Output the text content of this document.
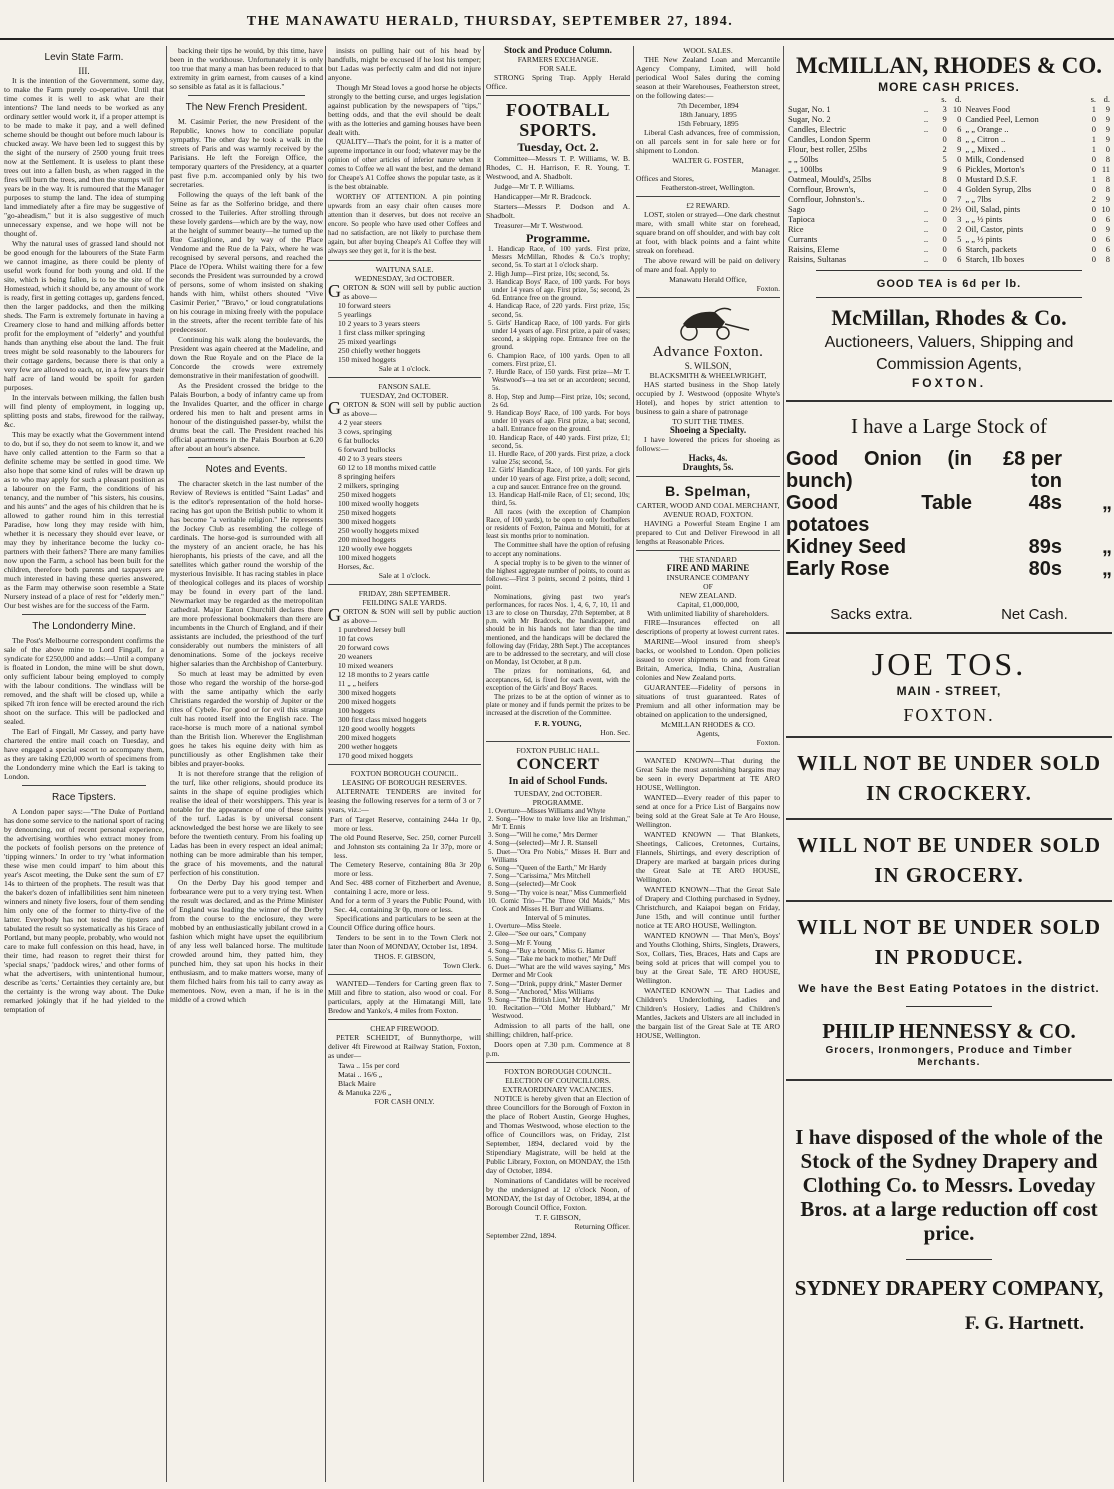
THE MANAWATU HERALD, THURSDAY, SEPTEMBER 27, 1894.
Levin State Farm.
III.

It is the intention of the Government, some day, to make the Farm purely co-operative. Until that time comes it is well to ask what are their intentions? The land needs to be worked as any ordinary settler would work it, if a proper attempt is to be made to make it pay, and a well defined scheme should be thought out before much labour is chucked away. We have been led to suggest this by the sight of the nursery of 2500 young fruit trees now at the Settlement. It is useless to plant these trees out into a fallen bush, as when ragged in the fires will burn the trees, and then the stumps will for years be in the way. It is rumoured that the Manager purposes to stump the land. The idea of stumping land immediately after a fire may be suggestive of "go-aheadism," but it is also suggestive of much unnecessary expense, and we hope will not be thought of.

Why the natural uses of grassed land should not be good enough for the labourers of the State Farm we cannot imagine, as there could be plenty of useful work found for both young and old. If the site, which is being fallen, is to be the site of the Homestead, which it should be, any amount of work is ready, first in getting cottages up, gardens fenced, then the larger paddocks, and then the milking sheds. The Farm is extremely fortunate in having a Creamery close to hand and milking affords better profit for the employment of "elderly" and youthful hands than anything else about the land. The fruit trees might be sold reasonably to the labourers for their cottage gardens, because there is that only a very few are allowed to each, or, in a few years their half acre of land would be spoilt for garden purposes.

In the intervals between milking, the fallen bush will find plenty of employment, in logging up, splitting posts and stabs, firewood for the railway, &c.

This may be exactly what the Government intend to do, but if so, they do not seem to know it, and we have only called attention to the Farm so that a definite scheme may be settled in good time. We also hope that some kind of rules will be drawn up as to who may apply for such a pleasant position as a labourer on the Farm, the conditions of his tenancy, and the number of "his sisters, his cousins, and his aunts" and the ages of his children that he is allowed to gather round him in this terrestial Paradise, how long they may reside with him, whether it is necessary they should ever leave, or may they by inheritance become the lucky co-partners with their fathers? There are many families now upon the Farm, a school has been built for the children, therefore both parents and taxpayers are much interested in having these queries answered, as the Farm may otherwise soon resemble a State Nursery instead of a place of rest for "elderly men." Our best wishes are for the success of the Farm.

The Londonderry Mine.

The Post's Melbourne correspondent confirms the sale of the above mine to Lord Fingall, for a syndicate for £250,000 and adds:—Until a company is floated in London, the mine will be shut down, only sufficient labour being employed to comply with the labour conditions. The windlass will be removed, and the shaft will be closed up, while a spiked 7ft iron fence will be erected around the rich shoot on the surface. This will be padlocked and sealed.

The Earl of Fingall, Mr Cassey, and party have chartered the entire mail coach on Tuesday, and have engaged a special escort to accompany them, as they are taking £20,000 worth of specimens from the Londonderry mine which the Earl is taking to London.

Race Tipsters.

A London paper says:—"The Duke of Portland has done some service to the national sport of racing by denouncing, out of recent personal experience, the advertising worthies who extract money from the pockets of foolish persons on the pretence of 'tipping winners.' In order to try 'what information these wise men could impart' to him about this year's Ascot meeting, the Duke sent the sum of £7 14s to thirteen of the prophets. The result was that the baker's dozen of infallibilities sent him nineteen winners and ninety five losers, four of them sending him only one of the former to thirty-five of the latter. Everybody has not tested the tipsters and tabulated the result so systematically as his Grace of Portland, but many people, probably, who would not care to make full confession on this head, have, in their time, had reason to regret their thirst for 'special snaps,' 'paddock wires,' and other forms of what the advertisers, with unintentional humour, describe as 'certs.' Certainties they certainly are, but the certainty is the wrong way about. The Duke remarked jokingly that if he had yielded to the temptation of

backing their tips he would, by this time, have been in the workhouse. Unfortunately it is only too true that many a man has been reduced to that extremity in grim earnest, from causes of a kind so sensible as fatal as it is fallacious."

The New French President.

M. Casimir Perier, the new President of the Republic, knows how to conciliate popular sympathy. The other day he took a walk in the streets of Paris and was warmly received by the Parisians. He left the Foreign Office, the temporary quarters of the Presidency, at a quarter past five p.m. accompanied only by his two secretaries.

Following the quays of the left bank of the Seine as far as the Solferino bridge, and there crossed to the Tuileries. After strolling through these lovely gardens—which are by the way, now at the height of summer beauty—he turned up the Rue Castiglione, and by way of the Place Vendome and the Rue de la Paix, where he was recognised by several persons, and reached the Place de l'Opera. Whilst waiting there for a few seconds the President was surrounded by a crowd of persons, some of whom insisted on shaking hands with him, whilst others shouted "Vive Casimir Perier," "Bravo," or loud congratulations on his courage in mixing freely with the populace in the streets, after the recent terrible fate of his predecessor.

Continuing his walk along the boulevards, the President was again cheered at the Madeline, and down the Rue Royale and on the Place de la Concorde the crowds were extremely demonstrative in their manifestation of goodwill.

As the President crossed the bridge to the Palais Bourbon, a body of infantry came up from the Invalides Quarter, and the officer in charge ordered his men to halt and present arms in honour of the distinguished passer-by, whilst the drums beat the call. The President reached his official apartments in the Palais Bourbon at 6.20 after about an hour's absence.

Notes and Events.

The character sketch in the last number of the Review of Reviews is entitled "Saint Ladas" and is the editor's representation of the hold horse-racing has got upon the British public to whom it has become "a veritable religion." He represents the Jockey Club as resembling the college of cardinals. The horse-god is surrounded with all the mystery of an ancient oracle, he has his hierophants, his priests of the cave, and all the satellites which gather round the worship of the mysterious Invisible. It has racing stables in place of theological colleges and its places of worship may be found in every part of the land. Newmarket may be regarded as the metropolitan cathedral. Major Eaton Churchill declares there are more professional bookmakers than there are incumbents in the Church of England, and if their assistants are included, the priesthood of the turf considerably out numbers the ministers of all denominations. Some of the jockeys receive higher salaries than the Archbishop of Canterbury.

So much at least may be admitted by even those who regard the worship of the horse-god with the same antipathy which the early Christians regarded the worship of Jupiter or the rites of Cybele. For good or for evil this strange cult has rooted itself into the English race. The race-horse is much more of a national symbol than the British lion. Wherever the Englishman goes he takes his equine deity with him as punctiliously as other Englishmen take their bibles and prayer-books.

It is not therefore strange that the religion of the turf, like other religions, should produce its saints in the shape of equine prodigies which realise the ideal of their worshippers. This year is notable for the appearance of one of these saints of the turf. Ladas is by universal consent acknowledged the best horse we are likely to see before the twentieth century. From his foaling up Ladas has been in every respect an ideal animal; nothing can be more admirable than his temper, the grace of his movements, and the natural perfection of his constitution.

On the Derby Day his good temper and forbearance were put to a very trying test. When the result was declared, and as the Prime Minister of England was leading the winner of the Derby from the course to the enclosure, they were mobbed by an enthusiastically jubilant crowd in a fashion which might have upset the equilibrium of any less well balanced horse. The multitude crowded around him, they patted him, they punched him, they sat upon his hocks in their enthusiasm, and to make matters worse, many of them filched hairs from his tail to carry away as mementoes. Now, even a man, if he is in the middle of a crowd which

insists on pulling hair out of his head by handfulls, might be excused if he lost his temper; but Ladas was perfectly calm and did not injure anyone.

Though Mr Stead loves a good horse he objects strongly to the betting curse, and urges legislation against publication by the newspapers of "tips," betting odds, and that the evil should be dealt with as the lotteries and gaming houses have been dealt with.

QUALITY—That's the point, for it is a matter of supreme importance in our food; whatever may be the opinion of other articles of inferior nature when it comes to Coffee we all want the best, and the demand for Cheape's A1 Coffee shows the popular taste, as it is the best obtainable.

WORTHY OF ATTENTION. A pin pointing upwards from an easy chair often causes more attention than it deserves, but does not receive an encore. So people who have used other Coffees and had no satisfaction, are not likely to purchase them again, but after buying Cheape's A1 Coffee they will always see they get it, for it is the best.

WAITUNA SALE.
WEDNESDAY, 3rd OCTOBER.
GORTON & SON will sell by public auction as above—
10 forward steers
5 yearlings
10 2 years to 3 years steers
1 first class milker springing
25 mixed yearlings
250 chiefly wether hoggets
150 mixed hoggets
Sale at 1 o'clock.
FANSON SALE.
TUESDAY, 2nd OCTOBER.
GORTON & SON will sell by public auction as above—
4 2 year steers
3 cows, springing
6 fat bullocks
6 forward bullocks
40 2 to 3 years steers
60 12 to 18 months mixed cattle
8 springing heifers
2 milkers, springing
250 mixed hoggets
100 mixed woolly hoggets
250 mixed hoggets
300 mixed hoggets
250 woolly hoggets mixed
200 mixed hoggets
120 woolly ewe hoggets
100 mixed hoggets
Horses, &c.
Sale at 1 o'clock.
FRIDAY, 28th SEPTEMBER.
FEILDING SALE YARDS.
GORTON & SON will sell by public auction as above—
1 purebred Jersey bull
10 fat cows
20 forward cows
20 weaners
10 mixed weaners
12 18 months to 2 years cattle
11 „ „ heifers
300 mixed hoggets
200 mixed hoggets
100 hoggets
300 first class mixed hoggets
120 good woolly hoggets
200 mixed hoggets
200 wether hoggets
170 good mixed hoggets
FOXTON BOROUGH COUNCIL.
LEASING OF BOROUGH RESERVES.

ALTERNATE TENDERS are invited for leasing the following reserves for a term of 3 or 7 years, viz.:—

Part of Target Reserve, containing 244a 1r 0p, more or less.
The old Pound Reserve, Sec. 250, corner Purcell and Johnston sts containing 2a 1r 37p, more or less.
The Cemetery Reserve, containing 80a 3r 20p more or less.
And Sec. 488 corner of Fitzherbert and Avenue, containing 1 acre, more or less.
And for a term of 3 years the Public Pound, with Sec. 44, containing 3r 0p, more or less.

Specifications and particulars to be seen at the Council Office during office hours.

Tenders to be sent in to the Town Clerk not later than Noon of MONDAY, October 1st, 1894.

THOS. F. GIBSON,
Town Clerk.

WANTED—Tenders for Carting green flax to Mill and fibre to station, also wood or coal. For particulars, apply at the Himatangi Mill, late Bredow and Yanko's, 4 miles from Foxton.

CHEAP FIREWOOD.

PETER SCHEIDT, of Bunnythorpe, will deliver 4ft Firewood at Railway Station, Foxton, as under—

Tawa .. 15s per cord
Matai .. 16/6 „
Black Maire
& Manuka 22/6 „
FOR CASH ONLY.
Stock and Produce Column.
FARMERS EXCHANGE.
FOR SALE.

STRONG Spring Trap. Apply Herald Office.

FOOTBALL SPORTS.
Tuesday, Oct. 2.

Committee—Messrs T. P. Williams, W. B. Rhodes, C. H. Harrison, F. R. Young, T. Westwood, and A. Shadbolt.

Judge—Mr T. P. Williams.

Handicapper—Mr R. Bradcock.

Starters—Messrs P. Dodson and A. Shadbolt.

Treasurer—Mr T. Westwood.

Programme.
1. Handicap Race, of 100 yards. First prize, Messrs McMillan, Rhodes & Co.'s trophy; second, 5s. To start at 1 o'clock sharp.
2. High Jump—First prize, 10s; second, 5s.
3. Handicap Boys' Race, of 100 yards. For boys under 14 years of age. First prize, 5s; second, 2s 6d. Entrance free on the ground.
4. Handicap Race, of 220 yards. First prize, 15s; second, 5s.
5. Girls' Handicap Race, of 100 yards. For girls under 14 years of age. First prize, a pair of vases; second, a skipping rope. Entrance free on the ground.
6. Champion Race, of 100 yards. Open to all comers. First prize, £1.
7. Hurdle Race, of 150 yards. First prize—Mr T. Westwood's—a tea set or an accordeon; second, 5s.
8. Hop, Step and Jump—First prize, 10s; second, 2s 6d.
9. Handicap Boys' Race, of 100 yards. For boys under 10 years of age. First prize, a bat; second, a ball. Entrance free on the ground.
10. Handicap Race, of 440 yards. First prize, £1; second, 5s.
11. Hurdle Race, of 200 yards. First prize, a clock value 25s; second, 5s.
12. Girls' Handicap Race, of 100 yards. For girls under 10 years of age. First prize, a doll; second, a cup and saucer. Entrance free on the ground.
13. Handicap Half-mile Race, of £1; second, 10s; third, 5s.

All races (with the exception of Champion Race, of 100 yards), to be open to only footballers or residents of Foxton, Painua and Motuiti, for at least six months prior to nomination.

The Committee shall have the option of refusing to accept any nominations.

A special trophy is to be given to the winner of the highest aggregate number of points, to count as follows:—First 3 points, second 2 points, third 1 point.

Nominations, giving past two year's performances, for races Nos. 1, 4, 6, 7, 10, 11 and 13 are to close on Thursday, 27th September, at 8 p.m. with Mr Bradcock, the handicapper, and should be in his hands not later than the time mentioned, and the handicaps will be declared the following day (Friday, 28th Sept.) The acceptances are to be addressed to the secretary, and will close on Monday, 1st October, at 8 p.m.

The prizes for nominations, 6d, and acceptances, 6d, is fixed for each event, with the exception of the Girls' and Boys' Races.

The prizes to be at the option of winner as to plate or money and if funds permit the prizes to be increased at the discretion of the Committee.

F. R. YOUNG,
Hon. Sec.
FOXTON PUBLIC HALL.
CONCERT
In aid of School Funds.
TUESDAY, 2nd OCTOBER.
PROGRAMME.
1. Overture—Misses Williams and Whyte
2. Song—"How to make love like an Irishman," Mr T. Ennis
3. Song—"Will he come," Mrs Dermer
4. Song—(selected)—Mr J. R. Stansell
5. Duet—"Ora Pro Nobis," Misses H. Burr and Williams
6. Song—"Queen of the Earth," Mr Hardy
7. Song—"Carissima," Mrs Mitchell
8. Song—(selected)—Mr Cook
9. Song—"Thy voice is near," Miss Cummerfield
10. Comic Trio—"The Three Old Maids," Mrs Cook and Misses H. Burr and Williams.
Interval of 5 minutes.
1. Overture—Miss Steele.
2. Glee—"See our oars," Company
3. Song—Mr F. Young
4. Song—"Buy a broom," Miss G. Hamer
5. Song—"Take me back to mother," Mr Duff
6. Duet—"What are the wild waves saying," Mrs Dermer and Mr Cook
7. Song—"Drink, puppy drink," Master Dermer
8. Song—"Anchored," Miss Williams
9. Song—"The British Lion," Mr Hardy
10. Recitation—"Old Mother Hubbard," Mr Westwood.

Admission to all parts of the hall, one shilling; children, half-price.

Doors open at 7.30 p.m. Commence at 8 p.m.

FOXTON BOROUGH COUNCIL.
ELECTION OF COUNCILLORS.
EXTRAORDINARY VACANCIES.

NOTICE is hereby given that an Election of three Councillors for the Borough of Foxton in the place of Robert Austin, George Hughes, and Thomas Westwood, whose election to the office of Councillors was, on Friday, 21st September, 1894, declared void by the Stipendiary Magistrate, will be held at the Public Library, Foxton, on MONDAY, the 15th day of October, 1894.

Nominations of Candidates will be received by the undersigned at 12 o'clock Noon, of MONDAY, the 1st day of October, 1894, at the Borough Council Office, Foxton.

T. F. GIBSON,
Returning Officer.
September 22nd, 1894.
WOOL SALES.

THE New Zealand Loan and Mercantile Agency Company, Limited, will hold periodical Wool Sales during the coming season at their Warehouses, Featherston street, on the following dates:—

7th December, 1894
18th January, 1895
15th February, 1895

Liberal Cash advances, free of commission, on all parcels sent in for sale here or for shipment to London.

WALTER G. FOSTER,
Manager.
Offices and Stores,
Featherston-street, Wellington.
£2 REWARD.

LOST, stolen or strayed—One dark chestnut mare, with small white star on forehead, square brand on off shoulder, and with bay colt at foot, with black points and a faint white streak on forehead.

The above reward will be paid on delivery of mare and foal. Apply to

Manawatu Herald Office,
Foxton.
Advance Foxton.
S. WILSON,
BLACKSMITH & WHEELWRIGHT,

HAS started business in the Shop lately occupied by J. Westwood (opposite Whyte's Hotel), and hopes by strict attention to business to gain a share of patronage

TO SUIT THE TIMES.
Shoeing a Specialty.

I have lowered the prices for shoeing as follows:—

Hacks, 4s.
Draughts, 5s.
B. Spelman,
CARTER, WOOD AND COAL MERCHANT,
AVENUE ROAD, FOXTON.

HAVING a Powerful Steam Engine I am prepared to Cut and Deliver Firewood in all lengths at Reasonable Prices.

THE STANDARD
FIRE AND MARINE
INSURANCE COMPANY
OF
NEW ZEALAND.
Capital, £1,000,000,
With unlimited liability of shareholders.

FIRE—Insurances effected on all descriptions of property at lowest current rates.

MARINE—Wool insured from sheep's backs, or woolshed to London. Open policies issued to cover shipments to and from Great Britain, America, India, China, Australian colonies and New Zealand ports.

GUARANTEE—Fidelity of persons in situations of trust guaranteed. Rates of Premium and all other information may be obtained on application to the undersigned,

McMILLAN RHODES & CO.
Agents,
Foxton.

WANTED KNOWN—That during the Great Sale the most astonishing bargains may be seen in every Department at TE ARO HOUSE, Wellington.

WANTED—Every reader of this paper to send at once for a Price List of Bargains now being sold at the Great Sale at Te Aro House, Wellington.

WANTED KNOWN — That Blankets, Sheetings, Calicoes, Cretonnes, Curtains, Flannels, Shirtings, and every description of Drapery are marked at bargain prices during the Great Sale at TE ARO HOUSE, Wellington.

WANTED KNOWN—That the Great Sale of Drapery and Clothing purchased in Sydney, Christchurch, and Kaiapoi began on Friday, June 15th, and will continue until further notice at TE ARO HOUSE, Wellington.

WANTED KNOWN — That Men's, Boys' and Youths Clothing, Shirts, Singlets, Drawers, Sox, Collars, Ties, Braces, Hats and Caps are being sold at prices that will compel you to buy at the Great Sale, TE ARO HOUSE, Wellington.

WANTED KNOWN — That Ladies and Children's Underclothing, Ladies and Children's Hosiery, Ladies and Children's Mantles, Jackets and Ulsters are all included in the bargain list of the Great Sale at TE ARO HOUSE, Wellington.

McMILLAN, RHODES & CO.
MORE CASH PRICES.
		s.	d.		s.	d.
Sugar, No. 1	..	3	10	Neaves Food	1	9
Sugar, No. 2	..	9	0	Candied Peel, Lemon	0	9
Candles, Electric	..	0	6	„ „ Orange ..	0	9
Candles, London Sperm		0	8	„ „ Citron ..	1	9
Flour, best roller, 25lbs		2	9	„ „ Mixed ..	1	0
„ „ 50lbs		5	0	Milk, Condensed	0	8
„ „ 100lbs		9	6	Pickles, Morton's	0	11
Oatmeal, Mould's, 25lbs		8	0	Mustard D.S.F.	1	8
Cornflour, Brown's,	..	0	4	Golden Syrup, 2lbs	0	8
Cornflour, Johnston's..		0	7	„ „ 7lbs	2	9
Sago	..	0	2½	Oil, Salad, pints	0	10
Tapioca	..	0	3	„ „ ½ pints	0	6
Rice	..	0	2	Oil, Castor, pints	0	9
Currants	..	0	5	„ „ ½ pints	0	6
Raisins, Eleme	..	0	6	Starch, packets	0	6
Raisins, Sultanas	..	0	6	Starch, 1lb boxes	0	8
GOOD TEA is 6d per lb.
McMillan, Rhodes & Co.
Auctioneers, Valuers, Shipping and Commission Agents,
FOXTON.
I have a Large Stock of
Good Onion (in bunch)
£8 per ton
Good Table potatoes
48s	„
Kidney Seed	89s	„
Early Rose	80s	„
Sacks extra.	Net Cash.
JOE TOS.
MAIN - STREET,
FOXTON.
WILL NOT BE UNDER SOLD
IN CROCKERY.
WILL NOT BE UNDER SOLD
IN GROCERY.
WILL NOT BE UNDER SOLD
IN PRODUCE.
We have the Best Eating Potatoes in the district.
PHILIP HENNESSY & CO.
Grocers, Ironmongers, Produce and Timber Merchants.
I have disposed of the whole of the Stock of the Sydney Drapery and Clothing Co. to Messrs. Loveday Bros. at a large reduction off cost price.
SYDNEY DRAPERY COMPANY,
F. G. Hartnett.
